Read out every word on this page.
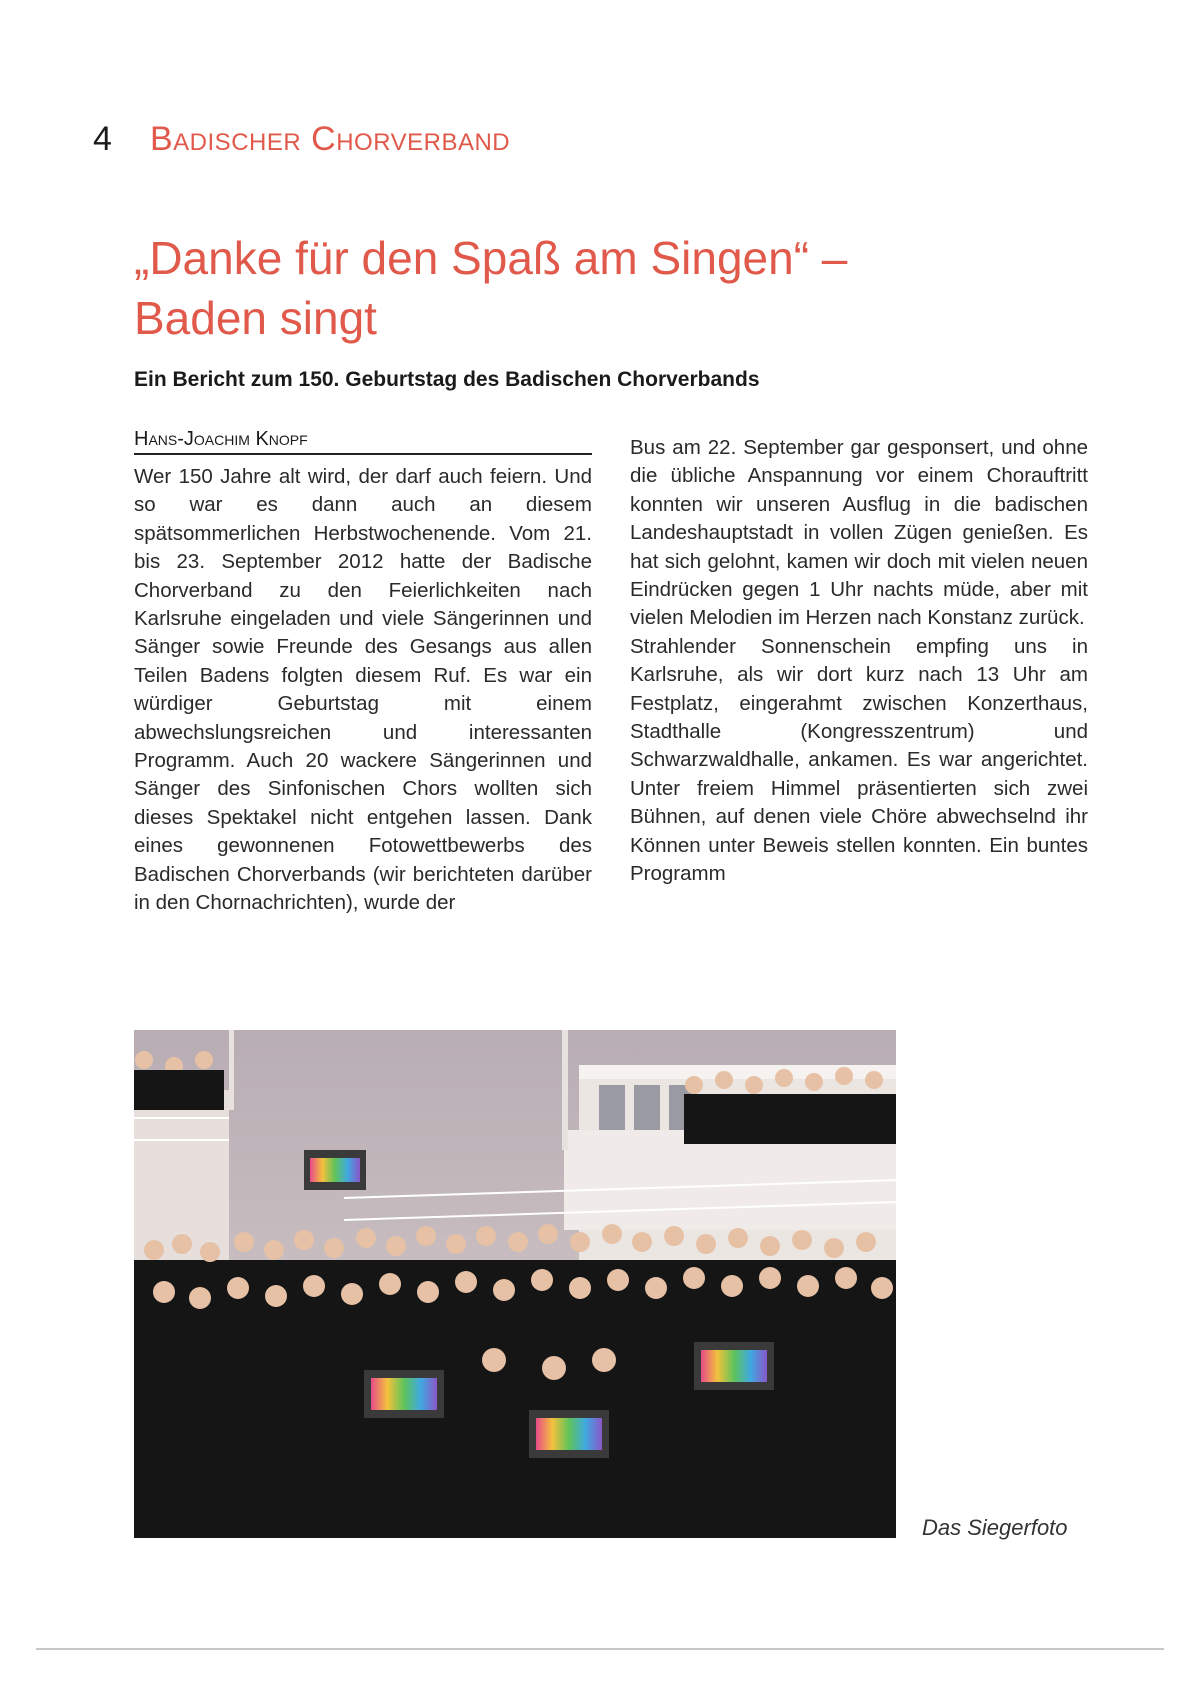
4 Badischer Chorverband
„Danke für den Spaß am Singen“ –
Baden singt
Ein Bericht zum 150. Geburtstag des Badischen Chorverbands
Hans-Joachim Knopf

Wer 150 Jahre alt wird, der darf auch feiern. Und so war es dann auch an diesem spätsommerlichen Herbstwochenende. Vom 21. bis 23. September 2012 hatte der Badische Chorverband zu den Feierlichkeiten nach Karlsruhe eingeladen und viele Sängerinnen und Sänger sowie Freunde des Gesangs aus allen Teilen Badens folgten diesem Ruf. Es war ein würdiger Geburtstag mit einem abwechslungsreichen und interessanten Programm. Auch 20 wackere Sängerinnen und Sänger des Sinfonischen Chors wollten sich dieses Spektakel nicht entgehen lassen. Dank eines gewonnenen Fotowettbewerbs des Badischen Chorverbands (wir berichteten darüber in den Chornachrichten), wurde der

Bus am 22. September gar gesponsert, und ohne die übliche Anspannung vor einem Chorauftritt konnten wir unseren Ausflug in die badischen Landeshauptstadt in vollen Zügen genießen. Es hat sich gelohnt, kamen wir doch mit vielen neuen Eindrücken gegen 1 Uhr nachts müde, aber mit vielen Melodien im Herzen nach Konstanz zurück.

Strahlender Sonnenschein empfing uns in Karlsruhe, als wir dort kurz nach 13 Uhr am Festplatz, eingerahmt zwischen Konzerthaus, Stadthalle (Kongresszentrum) und Schwarzwaldhalle, ankamen. Es war angerichtet. Unter freiem Himmel präsentierten sich zwei Bühnen, auf denen viele Chöre abwechselnd ihr Können unter Beweis stellen konnten. Ein buntes Programm

Das Siegerfoto
